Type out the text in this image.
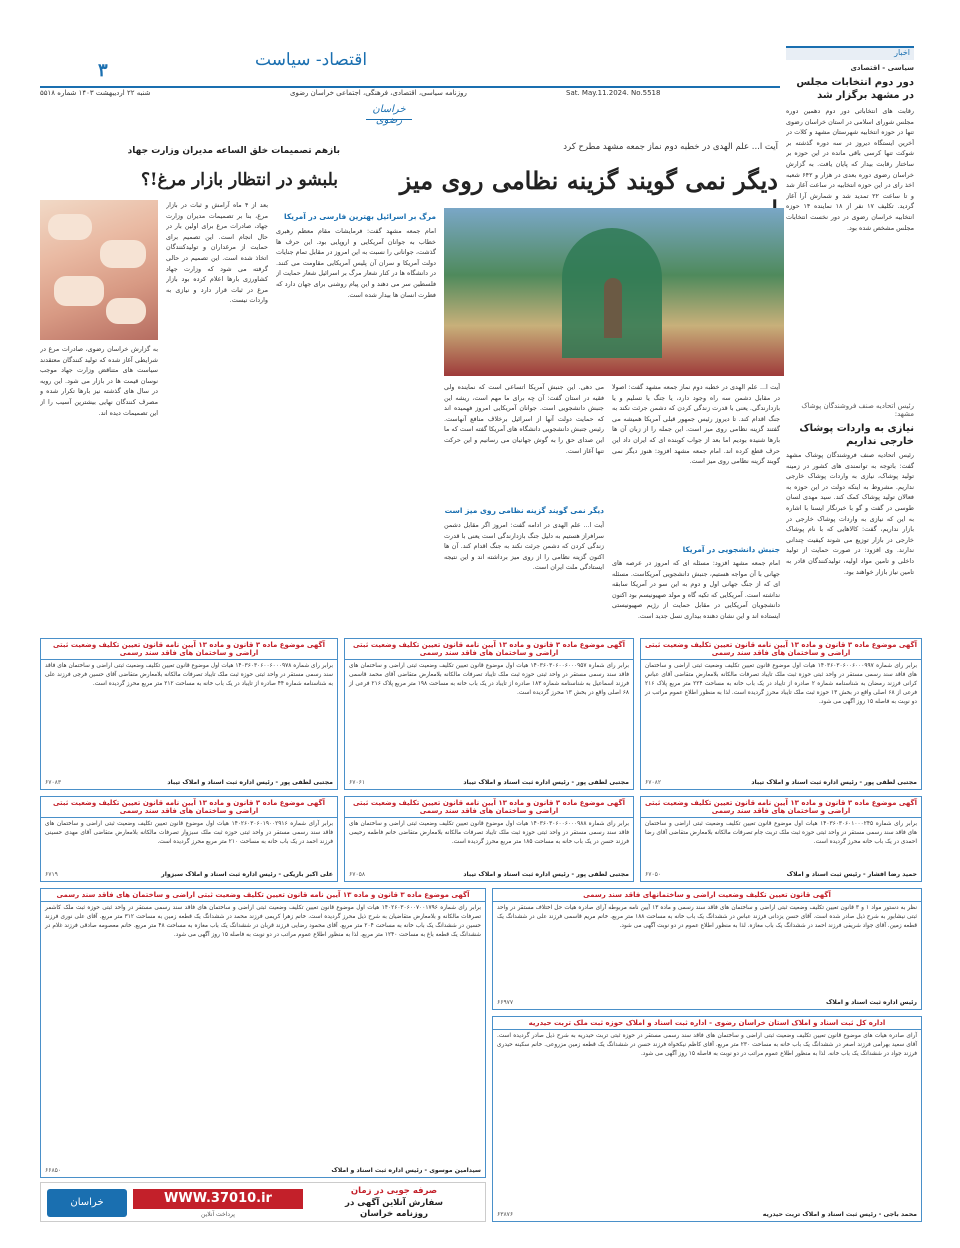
اقتصاد- سیاست
۳
شنبه ۲۲ اردیبهشت ۱۴۰۳ شماره ۵۵۱۸	روزنامه سیاسی، اقتصادی، فرهنگی، اجتماعی خراسان رضوی	Sat. May.11.2024. No.5518
خراسان رضوی
اخبار
سیاسی - اقتصادی
دور دوم انتخابات مجلس در مشهد برگزار شد
رقابت های انتخاباتی دور دوم دهمین دوره مجلس شورای اسلامی در استان خراسان رضوی تنها در حوزه انتخابیه شهرستان مشهد و کلات در آخرین ایستگاه دیروز در سه دوره گذشته بر شوکت تنها کرسی باقی مانده در این حوزه بر ساختار رقابت بیدار که پایان یافت. به گزارش خراسان رضوی دوره بعدی در هزار و ۶۴۲ شعبه اخذ رای در این حوزه انتخابیه در ساعت آغاز شد و تا ساعت ۲۲ تمدید شد و شمارش آرا آغاز گردید. تکلیف ۱۷ نفر از ۱۸ نماینده ۱۴ حوزه انتخابیه خراسان رضوی در دور نخست انتخابات مجلس مشخص شده بود.
رئیس اتحادیه صنف فروشندگان پوشاک مشهد:
نیازی به واردات پوشاک خارجی نداریم
رئیس اتحادیه صنف فروشندگان پوشاک مشهد گفت: باتوجه به توانمندی های کشور در زمینه تولید پوشاک، نیازی به واردات پوشاک خارجی نداریم. مشروط به اینکه دولت در این حوزه به فعالان تولید پوشاک کمک کند. سید مهدی لسان طوسی در گفت و گو با خبرنگار ایسنا با اشاره به این که نیازی به واردات پوشاک خارجی در بازار نداریم، گفت: کالاهایی که با نام پوشاک خارجی در بازار توزیع می شوند کیفیت چندانی ندارند. وی افزود: در صورت حمایت از تولید داخلی و تامین مواد اولیه، تولیدکنندگان قادر به تامین نیاز بازار خواهند بود.
آیت ا... علم الهدی در خطبه دوم نماز جمعه مشهد مطرح کرد
دیگر نمی گویند گزینه نظامی روی میز
آیت ا... علم الهدی در خطبه دوم نماز جمعه مشهد گفت: اصولا در مقابل دشمن سه راه وجود دارد، یا جنگ یا تسلیم و یا بازدارندگی. یعنی با قدرت زندگی کردن که دشمن جرئت نکند به جنگ اقدام کند. تا دیروز رئیس جمهور قبلی آمریکا همیشه می گفتند گزینه نظامی روی میز است. این جمله را از زبان آن ها بارها شنیده بودیم اما بعد از جواب کوبنده ای که ایران داد این حرف قطع کرده اند. امام جمعه مشهد افزود: هنوز دیگر نمی گویند گزینه نظامی روی میز است.
جنبش دانشجویی در آمریکا
امام جمعه مشهد افزود: مسئله ای که امروز در عرصه های جهانی با آن مواجه هستیم، جنبش دانشجویی آمریکاست. مسئله ای که از جنگ جهانی اول و دوم به این سو در آمریکا سابقه نداشته است. آمریکایی که تکیه گاه و مولد صهیونیسم بود اکنون دانشجویان آمریکایی در مقابل حمایت از رژیم صهیونیستی ایستاده اند و این نشان دهنده بیداری نسل جدید است.
می دهی. این جنبش آمریکا اتساعی است که نماینده ولی فقیه در استان گفت: آن چه برای ما مهم است، ریشه این جنبش دانشجویی است. جوانان آمریکایی امروز فهمیده اند که حمایت دولت آنها از اسرائیل برخلاف منافع آنهاست. رئیس جنبش دانشجویی دانشگاه های آمریکا گفته است که ما این صدای حق را به گوش جهانیان می رسانیم و این حرکت تنها آغاز است.
دیگر نمی گویند گزینه نظامی روی میز است
آیت ا... علم الهدی در ادامه گفت: امروز اگر مقابل دشمن سرافراز هستیم به دلیل جنگ بازدارندگی است یعنی با قدرت زندگی کردن که دشمن جرئت نکند به جنگ اقدام کند. آن ها اکنون گزینه نظامی را از روی میز برداشته اند و این نتیجه ایستادگی ملت ایران است.
مرگ بر اسرائیل بهترین فارسی در آمریکا
امام جمعه مشهد گفت: فرمایشات مقام معظم رهبری خطاب به جوانان آمریکایی و اروپایی بود. این حرف ها گذشت، جوانانی را نسبت به این امروز در مقابل تمام جنایات دولت آمریکا و سران آن پلیس آمریکایی مقاومت می کنند. در دانشگاه ها در کنار شعار مرگ بر اسرائیل شعار حمایت از فلسطین سر می دهند و این پیام روشنی برای جهان دارد که فطرت انسان ها بیدار شده است.
بازهم تصمیمات خلق الساعه مدیران وزارت جهاد
بلبشو در انتظار بازار مرغ!؟
بعد از ۴ ماه آرامش و ثبات در بازار مرغ، بنا بر تصمیمات مدیران وزارت جهاد، صادرات مرغ برای اولین بار در حال انجام است. این تصمیم برای حمایت از مرغداران و تولیدکنندگان اتخاذ شده است. این تصمیم در حالی گرفته می شود که وزارت جهاد کشاورزی بارها اعلام کرده بود بازار مرغ در ثبات قرار دارد و نیازی به واردات نیست.
به گزارش خراسان رضوی، صادرات مرغ در شرایطی آغاز شده که تولید کنندگان معتقدند سیاست های متناقض وزارت جهاد موجب نوسان قیمت ها در بازار می شود. این رویه در سال های گذشته نیز بارها تکرار شده و مصرف کنندگان نهایی بیشترین آسیب را از این تصمیمات دیده اند.
آگهی موضوع ماده ۳ قانون و ماده ۱۳ آیین نامه قانون تعیین تکلیف وضعیت ثبتی اراضی و ساختمان های فاقد سند رسمی
برابر رای شماره ۱۴۰۳۶۰۳۰۶۰۰۶۰۰۰۹۹۷ هیات اول موضوع قانون تعیین تکلیف وضعیت ثبتی اراضی و ساختمان های فاقد سند رسمی مستقر در واحد ثبتی حوزه ثبت ملک تایباد تصرفات مالکانه بلامعارض متقاضی آقای عباس کرانی فرزند رمضان به شناسنامه شماره ۲ صادره از تایباد در یک باب خانه به مساحت ۲۲۴ متر مربع پلاک ۲۱۶ فرعی از ۶۸ اصلی واقع در بخش ۱۳ حوزه ثبت ملک تایباد محرز گردیده است. لذا به منظور اطلاع عموم مراتب در دو نوبت به فاصله ۱۵ روز آگهی می شود.
مجتبی لطفی پور - رئیس اداره ثبت اسناد و املاک تیباد
۶۷۰۸۲
آگهی موضوع ماده ۳ قانون و ماده ۱۳ آیین نامه قانون تعیین تکلیف وضعیت ثبتی اراضی و ساختمان های فاقد سند رسمی
برابر رای شماره ۱۴۰۳۶۰۳۰۶۰۰۶۰۰۰۹۵۷ هیات اول موضوع قانون تعیین تکلیف وضعیت ثبتی اراضی و ساختمان های فاقد سند رسمی مستقر در واحد ثبتی حوزه ثبت ملک تایباد تصرفات مالکانه بلامعارض متقاضی آقای محمد قاسمی فرزند اسماعیل به شناسنامه شماره ۱۸۳ صادره از تایباد در یک باب خانه به مساحت ۱۹۸ متر مربع پلاک ۲۱۶ فرعی از ۶۸ اصلی واقع در بخش ۱۳ محرز گردیده است.
مجتبی لطفی پور - رئیس اداره ثبت اسناد و املاک تیباد
۶۷۰۶۱
آگهی موضوع ماده ۳ قانون و ماده ۱۳ آیین نامه قانون تعیین تکلیف وضعیت ثبتی اراضی و ساختمان های فاقد سند رسمی
برابر رای شماره ۱۴۰۳۶۰۳۰۶۰۰۶۰۰۰۹۷۸ هیات اول موضوع قانون تعیین تکلیف وضعیت ثبتی اراضی و ساختمان های فاقد سند رسمی مستقر در واحد ثبتی حوزه ثبت ملک تایباد تصرفات مالکانه بلامعارض متقاضی آقای حسین فرجی فرزند علی به شناسنامه شماره ۴۴ صادره از تایباد در یک باب خانه به مساحت ۲۱۲ متر مربع محرز گردیده است.
مجتبی لطفی پور - رئیس اداره ثبت اسناد و املاک تیباد
۶۷۰۸۳
آگهی موضوع ماده ۳ قانون و ماده ۱۳ آیین نامه قانون تعیین تکلیف وضعیت ثبتی اراضی و ساختمان های فاقد سند رسمی
برابر آرای شماره ۱۴۰۲۶۰۳۰۶۰۱۹۰۰۲۹۱۶ هیات اول موضوع قانون تعیین تکلیف وضعیت ثبتی اراضی و ساختمان های فاقد سند رسمی مستقر در واحد ثبتی حوزه ثبت ملک سبزوار تصرفات مالکانه بلامعارض متقاضی آقای مهدی حسینی فرزند احمد در یک باب خانه به مساحت ۲۱۰ متر مربع محرز گردیده است.
علی اکبر باریکی - رئیس اداره ثبت اسناد و املاک سبزوار
۶۷۱۹
آگهی موضوع ماده ۳ قانون و ماده ۱۳ آیین نامه قانون تعیین تکلیف وضعیت ثبتی اراضی و ساختمان های فاقد سند رسمی
برابر رای شماره ۱۴۰۳۶۰۳۰۶۰۰۶۰۰۰۹۸۸ هیات اول موضوع قانون تعیین تکلیف وضعیت ثبتی اراضی و ساختمان های فاقد سند رسمی مستقر در واحد ثبتی حوزه ثبت ملک تایباد تصرفات مالکانه بلامعارض متقاضی خانم فاطمه رحیمی فرزند حسن در یک باب خانه به مساحت ۱۸۵ متر مربع محرز گردیده است.
مجتبی لطفی پور - رئیس اداره ثبت اسناد و املاک تیباد
۶۷۰۵۸
آگهی موضوع ماده ۳ قانون و ماده ۱۳ آیین نامه قانون تعیین تکلیف وضعیت ثبتی اراضی و ساختمان های فاقد سند رسمی
برابر رای شماره ۱۴۰۳۶۰۳۰۶۰۱۰۰۰۲۴۵ هیات اول موضوع قانون تعیین تکلیف وضعیت ثبتی اراضی و ساختمان های فاقد سند رسمی مستقر در واحد ثبتی حوزه ثبت ملک تربت جام تصرفات مالکانه بلامعارض متقاضی آقای رضا احمدی در یک باب خانه محرز گردیده است.
حمید رضا افشار - رئیس ثبت اسناد و املاک
۶۷۰۵۰
آگهی موضوع ماده ۳ قانون و ماده ۱۳ آیین نامه قانون تعیین تکلیف وضعیت ثبتی اراضی و ساختمان های فاقد سند رسمی
برابر رای شماره ۱۴۰۲۶۰۳۰۶۰۰۷۰۰۱۷۹۶ هیات اول موضوع قانون تعیین تکلیف وضعیت ثبتی اراضی و ساختمان های فاقد سند رسمی مستقر در واحد ثبتی حوزه ثبت ملک کاشمر تصرفات مالکانه و بلامعارض متقاضیان به شرح ذیل محرز گردیده است. خانم زهرا کریمی فرزند محمد در ششدانگ یک قطعه زمین به مساحت ۳۱۲ متر مربع. آقای علی نوری فرزند حسین در ششدانگ یک باب خانه به مساحت ۲۰۴ متر مربع. آقای محمود رضایی فرزند قربان در ششدانگ یک باب مغازه به مساحت ۴۸ متر مربع. خانم معصومه صادقی فرزند غلام در ششدانگ یک قطعه باغ به مساحت ۱۲۴۰ متر مربع. لذا به منظور اطلاع عموم مراتب در دو نوبت به فاصله ۱۵ روز آگهی می شود.
سیدامین موسوی - رئیس اداره ثبت اسناد و املاک
۶۶۸۵۰
آگهی قانون تعیین تکلیف وضعیت اراضی و ساختمانهای فاقد سند رسمی
نظر به دستور مواد ۱ و ۳ قانون تعیین تکلیف وضعیت ثبتی اراضی و ساختمان های فاقد سند رسمی و ماده ۱۳ آیین نامه مربوطه آرای صادره هیات حل اختلاف مستقر در واحد ثبتی نیشابور به شرح ذیل صادر شده است. آقای حسن یزدانی فرزند عباس در ششدانگ یک باب خانه به مساحت ۱۸۸ متر مربع. خانم مریم قاسمی فرزند علی در ششدانگ یک قطعه زمین. آقای جواد شریفی فرزند احمد در ششدانگ یک باب مغازه. لذا به منظور اطلاع عموم در دو نوبت آگهی می شود.
رئیس اداره ثبت اسناد و املاک
۶۶۹۷۷
اداره کل ثبت اسناد و املاک استان خراسان رضوی - اداره ثبت اسناد و املاک حوزه ثبت ملک تربت حیدریه
آرای صادره هیات های موضوع قانون تعیین تکلیف وضعیت ثبتی اراضی و ساختمان های فاقد سند رسمی مستقر در حوزه ثبتی تربت حیدریه به شرح ذیل صادر گردیده است. آقای سعید بهرامی فرزند اصغر در ششدانگ یک باب خانه به مساحت ۲۳۰ متر مربع. آقای کاظم نیکخواه فرزند حسن در ششدانگ یک قطعه زمین مزروعی. خانم سکینه حیدری فرزند جواد در ششدانگ یک باب خانه. لذا به منظور اطلاع عموم مراتب در دو نوبت به فاصله ۱۵ روز آگهی می شود.
محمد باجی - رئیس ثبت اسناد و املاک تربت حیدریه
۶۳۸۷۶
خراسان	WWW.37010.ir
پرداخت آنلاین
صرفه جویی در زمان
سفارش آنلاین آگهی در
روزنامه خراسان
